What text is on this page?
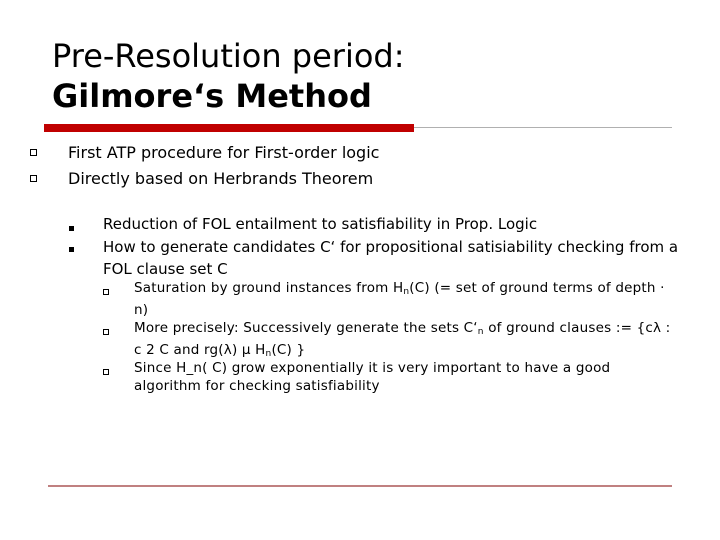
Pre-Resolution period:
Gilmore‘s Method
First ATP procedure for First-order logic
Directly based on Herbrands Theorem
Reduction of FOL entailment to satisfiability in Prop. Logic
How to generate candidates C‘ for propositional satisiability checking from a FOL clause set C
Saturation by ground instances from $H_n(C)$ (= set of ground terms of depth · n)
More precisely: Successively generate the sets $C‘_n$ of ground clauses := {cλ : c 2 C and rg(λ) µ $H_n(C)$ }
Since H_n( C) grow exponentially it is very important to have a good algorithm for checking satisfiability
